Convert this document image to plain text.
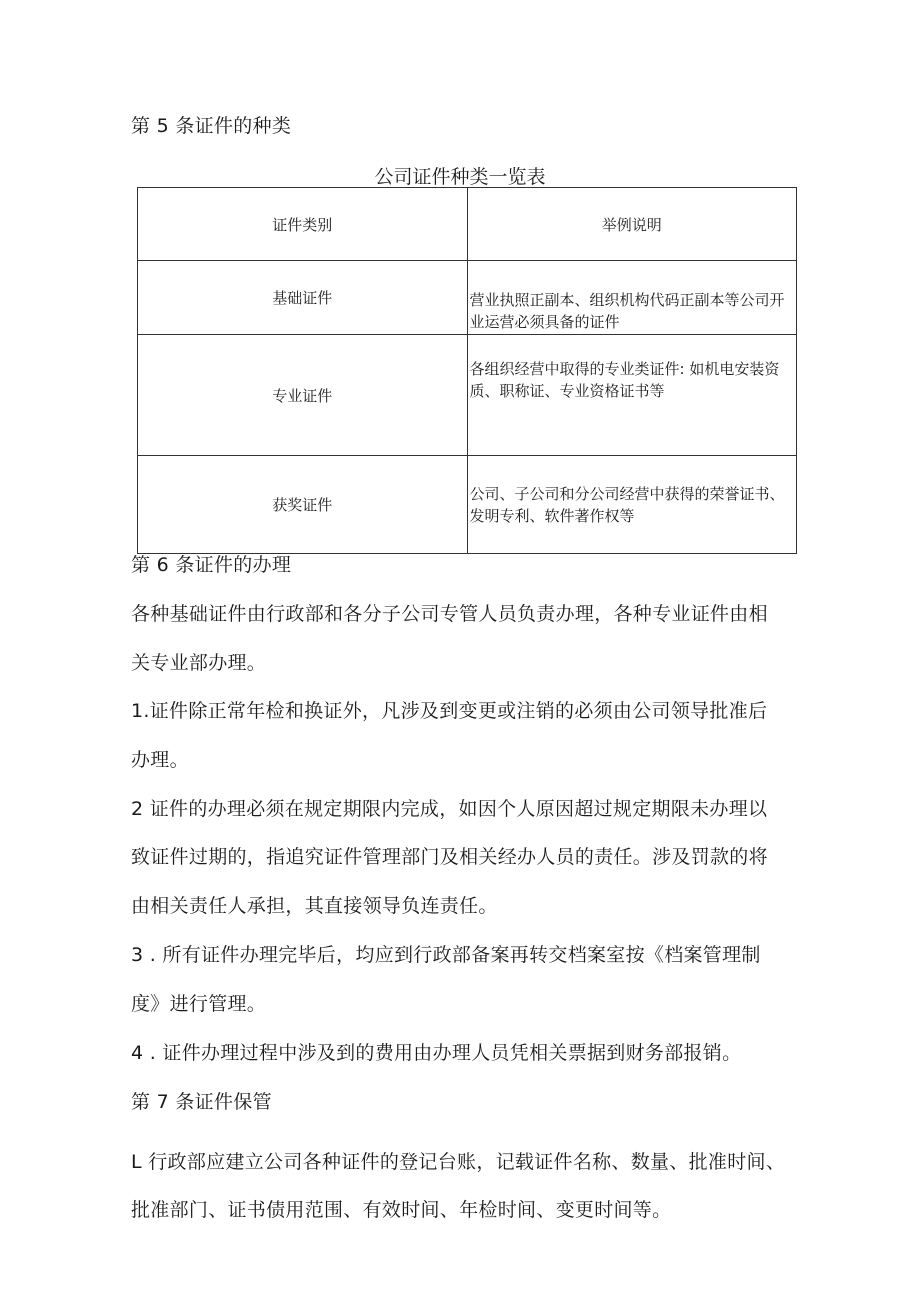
第 5 条证件的种类
公司证件种类一览表
证件类别	举例说明
基础证件	营业执照正副本、组织机构代码正副本等公司开业运营必须具备的证件
专业证件	各组织经营中取得的专业类证件: 如机电安装资质、职称证、专业资格证书等
获奖证件	公司、子公司和分公司经营中获得的荣誉证书、发明专利、软件著作权等
第 6 条证件的办理
各种基础证件由行政部和各分子公司专管人员负责办理，各种专业证件由相
关专业部办理。
1.证件除正常年检和换证外，凡涉及到变更或注销的必须由公司领导批准后
办理。
2 证件的办理必须在规定期限内完成，如因个人原因超过规定期限未办理以
致证件过期的，指追究证件管理部门及相关经办人员的责任。涉及罚款的将
由相关责任人承担，其直接领导负连责任。
3 . 所有证件办理完毕后，均应到行政部备案再转交档案室按《档案管理制
度》进行管理。
4 . 证件办理过程中涉及到的费用由办理人员凭相关票据到财务部报销。
第 7 条证件保管
L 行政部应建立公司各种证件的登记台账，记载证件名称、数量、批准时间、
批准部门、证书债用范围、有效时间、年检时间、变更时间等。
